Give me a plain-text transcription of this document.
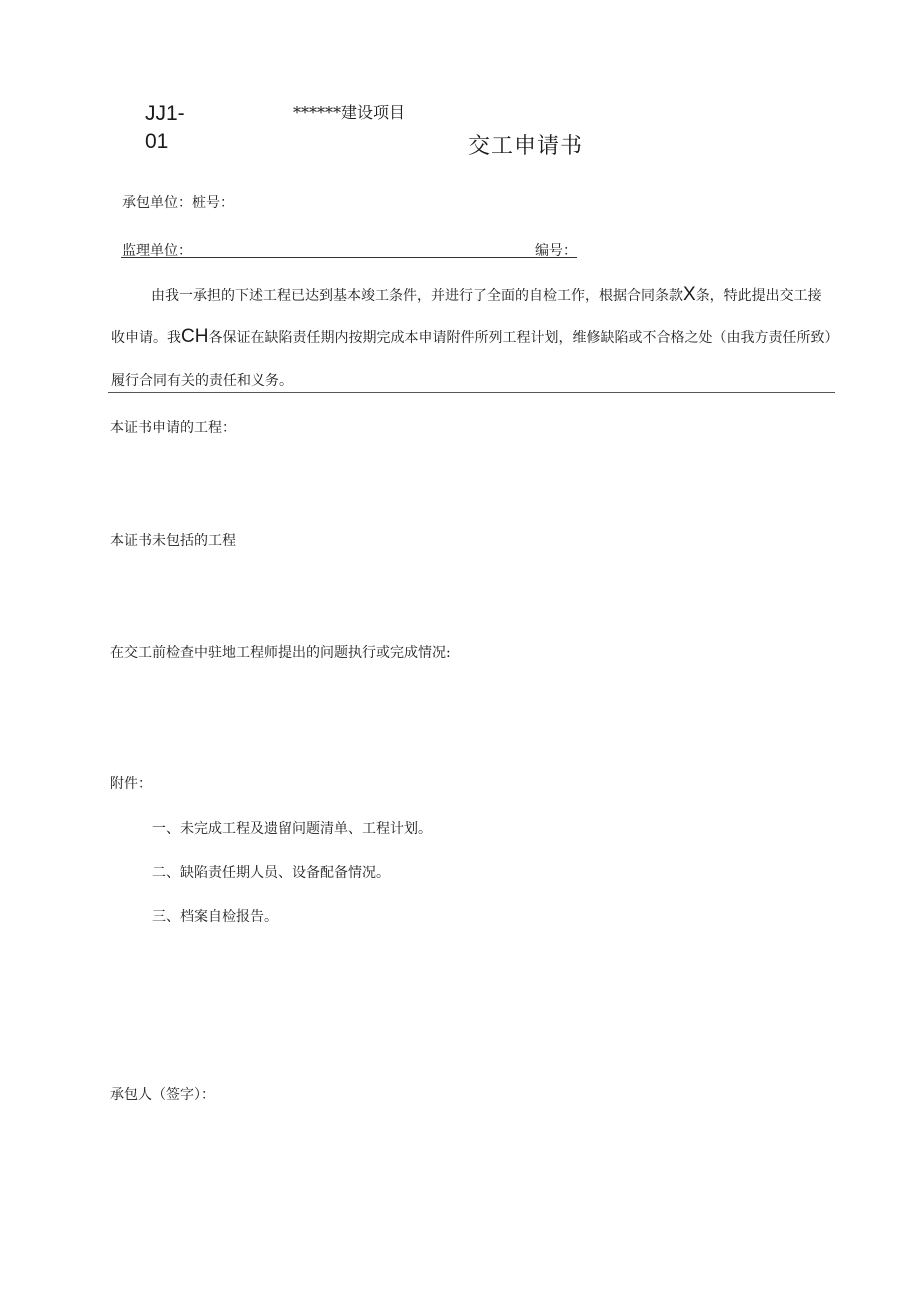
JJ1-
01
******建设项目
交工申请书
承包单位：桩号：
监理单位：	编号：
由我一承担的下述工程已达到基本竣工条件，并进行了全面的自检工作，根据合同条款X条，特此提出交工接
收申请。我CH各保证在缺陷责任期内按期完成本申请附件所列工程计划，维修缺陷或不合格之处（由我方责任所致）
履行合同有关的责任和义务。
本证书申请的工程：
本证书未包括的工程
在交工前检查中驻地工程师提出的问题执行或完成情况:
附件：
一、未完成工程及遗留问题清单、工程计划。
二、缺陷责任期人员、设备配备情况。
三、档案自检报告。
承包人（签字）：
